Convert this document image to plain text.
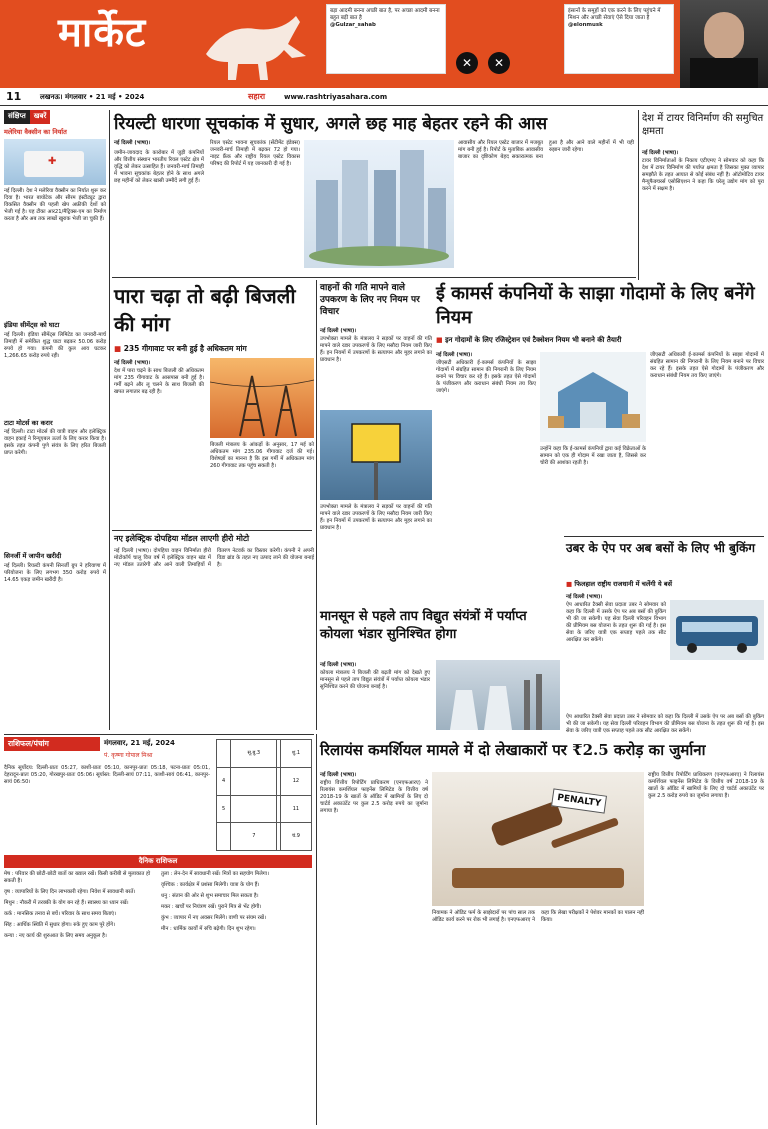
मार्केट	बड़ा आदमी बनना अच्छी बात है, पर अच्छा आदमी बनना बहुत बड़ी बात है
@Gulzar_sahab
✕
इंसानों के समूहों को एक करने के लिए पहुंचने में मिशन और अच्छी सेवाएं ऐसे दिया जाता है
@elonmusk
✕
11	लखनऊ। मंगलवार • 21 मई • 2024	सहारा	www.rashtriyasahara.com
संक्षिप्त	खबरें
मलेरिया वैक्सीन का निर्यात
✚
नई दिल्ली। देश ने मलेरिया वैक्सीन का निर्यात शुरू कर दिया है। भारत बायोटेक और सीरम इंस्टीट्यूट द्वारा विकसित वैक्सीन की पहली खेप अफ्रीकी देशों को भेजी गई है। यह टीका आर21/मैट्रिक्स-एम का निर्माण करता है और अब तक लाखों खुराक भेजी जा चुकी हैं।
इंडिया सीमेंट्स को घाटा
नई दिल्ली। इंडिया सीमेंट्स लिमिटेड का जनवरी-मार्च तिमाही में समेकित शुद्ध घाटा बढ़कर 50.06 करोड़ रुपये हो गया। कंपनी की कुल आय घटकर 1,266.65 करोड़ रुपये रही।
टाटा मोटर्स का करार
नई दिल्ली। टाटा मोटर्स की यात्री वाहन और इलेक्ट्रिक वाहन इकाई ने रिन्यूएबल ऊर्जा के लिए करार किया है। इसके तहत कंपनी पुणे संयंत्र के लिए हरित बिजली प्राप्त करेगी।
सिनर्जी में जापीन खरीदी
नई दिल्ली। रियल्टी कंपनी सिनर्जी ग्रुप ने हरियाणा में परियोजना के लिए लगभग 350 करोड़ रुपये में 14.65 एकड़ जमीन खरीदी है।
रियल्टी धारणा सूचकांक में सुधार, अगले छह माह बेहतर रहने की आस
नई दिल्ली (भाषा)।
जमीन-जायदाद के कारोबार में जुड़ी कंपनियों और वित्तीय संस्थान भारतीय रियल एस्टेट क्षेत्र में वृद्धि को लेकर उत्साहित हैं। जनवरी-मार्च तिमाही में भावना सूचकांक बेहतर होने के साथ अगले छह महीनों को लेकर खासी उम्मीदें लगी हुई हैं।
रियल एस्टेट भावना सूचकांक (सेंटीमेंट इंडेक्स) जनवरी-मार्च तिमाही में बढ़कर 72 हो गया। नाइट फ्रैंक और राष्ट्रीय रियल एस्टेट विकास परिषद की रिपोर्ट में यह जानकारी दी गई है।
आवासीय और रियल एस्टेट बाजार में मजबूत मांग बनी हुई है। रिपोर्ट के मुताबिक आवासीय बाजार का दृष्टिकोण बेहद सकारात्मक बना हुआ है और आने वाले महीनों में भी यही रुझान जारी रहेगा।
देश में टायर विनिर्माण की समुचित क्षमता
नई दिल्ली (भाषा)।
टायर विनिर्माताओं के निकाय एटीएमए ने सोमवार को कहा कि देश में टायर विनिर्माण की पर्याप्त क्षमता है जिसका मुक्त व्यापार समझौते के तहत आयात से कोई संबंध नहीं है। ऑटोमोटिव टायर मैन्युफैक्चरर्स एसोसिएशन ने कहा कि घरेलू उद्योग मांग को पूरा करने में सक्षम है।
पारा चढ़ा तो बढ़ी बिजली की मांग
■ 235 गीगावाट पर बनी हुई है अधिकतम मांग
नई दिल्ली (भाषा)।
देश में पारा चढ़ने के साथ बिजली की अधिकतम मांग 235 गीगावाट के आसपास बनी हुई है। गर्मी बढ़ने और लू चलने के साथ बिजली की खपत लगातार बढ़ रही है।
बिजली मंत्रालय के आंकड़ों के अनुसार, 17 मई को अधिकतम मांग 235.06 गीगावाट दर्ज की गई। विशेषज्ञों का मानना है कि इस गर्मी में अधिकतम मांग 260 गीगावाट तक पहुंच सकती है।
नए इलेक्ट्रिक दोपहिया मॉडल लाएगी हीरो मोटो
नई दिल्ली (भाषा)। दोपहिया वाहन विनिर्माता हीरो मोटोकॉर्प चालू वित्त वर्ष में इलेक्ट्रिक वाहन खंड में नए मॉडल उतारेगी और आने वाली तिमाहियों में वितरण नेटवर्क का विस्तार करेगी। कंपनी ने अपनी विडा ब्रांड के तहत नए उत्पाद लाने की योजना बनाई है।
वाहनों की गति मापने वाले उपकरण के लिए नए नियम पर विचार
नई दिल्ली (भाषा)।
उपभोक्ता मामले के मंत्रालय ने सड़कों पर वाहनों की गति मापने वाले रडार उपकरणों के लिए मसौदा नियम जारी किए हैं। इन नियमों में उपकरणों के सत्यापन और मुहर लगाने का प्रावधान है।
उपभोक्ता मामले के मंत्रालय ने सड़कों पर वाहनों की गति मापने वाले रडार उपकरणों के लिए मसौदा नियम जारी किए हैं। इन नियमों में उपकरणों के सत्यापन और मुहर लगाने का प्रावधान है।
ई कामर्स कंपनियों के साझा गोदामों के लिए बनेंगे नियम
■ इन गोदामों के लिए रजिस्ट्रेशन एवं टैक्सेशन नियम भी बनाने की तैयारी
नई दिल्ली (भाषा)।
जीएसटी अधिकारी ई-कामर्स कंपनियों के साझा गोदामों में संग्रहित सामान की निगरानी के लिए नियम बनाने पर विचार कर रहे हैं। इसके तहत ऐसे गोदामों के पंजीकरण और कराधान संबंधी नियम तय किए जाएंगे।
उन्होंने कहा कि ई-कामर्स कंपनियों द्वारा कई विक्रेताओं के सामान को एक ही गोदाम में रखा जाता है, जिससे कर चोरी की आशंका रहती है।
जीएसटी अधिकारी ई-कामर्स कंपनियों के साझा गोदामों में संग्रहित सामान की निगरानी के लिए नियम बनाने पर विचार कर रहे हैं। इसके तहत ऐसे गोदामों के पंजीकरण और कराधान संबंधी नियम तय किए जाएंगे।
उबर के ऐप पर अब बसों के लिए भी बुकिंग
■ फिलहाल राष्ट्रीय राजधानी में चलेंगी ये बसें
नई दिल्ली (भाषा)।
ऐप आधारित टैक्सी सेवा प्रदाता उबर ने सोमवार को कहा कि दिल्ली में उसके ऐप पर अब बसों की बुकिंग भी की जा सकेगी। यह सेवा दिल्ली परिवहन विभाग की प्रीमियम बस योजना के तहत शुरू की गई है। इस सेवा के जरिए यात्री एक सप्ताह पहले तक सीट आरक्षित कर सकेंगे।
ऐप आधारित टैक्सी सेवा प्रदाता उबर ने सोमवार को कहा कि दिल्ली में उसके ऐप पर अब बसों की बुकिंग भी की जा सकेगी। यह सेवा दिल्ली परिवहन विभाग की प्रीमियम बस योजना के तहत शुरू की गई है। इस सेवा के जरिए यात्री एक सप्ताह पहले तक सीट आरक्षित कर सकेंगे।
मानसून से पहले ताप विद्युत संयंत्रों में पर्याप्त कोयला भंडार सुनिश्चित होगा
नई दिल्ली (भाषा)।
कोयला मंत्रालय ने बिजली की बढ़ती मांग को देखते हुए मानसून से पहले ताप विद्युत संयंत्रों में पर्याप्त कोयला भंडार सुनिश्चित करने की योजना बनाई है।
राशिफल/पंचांग	मंगलवार, 21 मई, 2024
पं. कृष्णा गोपाल मिश्रा
दैनिक सूर्योदय: दिल्ली-प्रातः 05:27, काशी-प्रातः 05:10, कानपुर-प्रातः 05:18, पटना-प्रातः 05:01, देहरादून-प्रातः 05:20, गोरखपुर-प्रातः 05:06। सूर्यास्त: दिल्ली-सायं 07:11, काशी-सायं 06:41, कानपुर-सायं 06:50।
	सू.बु.3		शु.1
4			12
5			11
	7		चं.9
दैनिक राशिफल
मेष : परिवार की छोटी-छोटी बातों का ख्याल रखें। किसी करीबी से मुलाकात हो सकती है।
वृष : व्यापारियों के लिए दिन लाभकारी रहेगा। निवेश में सावधानी बरतें।
मिथुन : नौकरी में तरक्की के योग बन रहे हैं। स्वास्थ्य का ध्यान रखें।
कर्क : मानसिक तनाव से बचें। परिवार के साथ समय बिताएं।
सिंह : आर्थिक स्थिति में सुधार होगा। रुके हुए काम पूरे होंगे।
कन्या : नए कार्य की शुरुआत के लिए समय अनुकूल है।
तुला : लेन-देन में सावधानी रखें। मित्रों का सहयोग मिलेगा।
वृश्चिक : कार्यक्षेत्र में प्रशंसा मिलेगी। यात्रा के योग हैं।
धनु : संतान की ओर से शुभ समाचार मिल सकता है।
मकर : खर्चों पर नियंत्रण रखें। पुराने मित्र से भेंट होगी।
कुंभ : व्यापार में नए अवसर मिलेंगे। वाणी पर संयम रखें।
मीन : धार्मिक कार्यों में रुचि बढ़ेगी। दिन शुभ रहेगा।
रिलायंस कमर्शियल मामले में दो लेखाकारों पर ₹2.5 करोड़ का जुर्माना
नई दिल्ली (भाषा)।
राष्ट्रीय वित्तीय रिपोर्टिंग प्राधिकरण (एनएफआरए) ने रिलायंस कमर्शियल फाइनेंस लिमिटेड के वित्तीय वर्ष 2018-19 के खातों के ऑडिट में खामियों के लिए दो चार्टर्ड अकाउंटेंट पर कुल 2.5 करोड़ रुपये का जुर्माना लगाया है।
PENALTY
नियामक ने ऑडिट फर्म के साझेदारों पर पांच साल तक ऑडिट कार्य करने पर रोक भी लगाई है। एनएफआरए ने कहा कि लेखा परीक्षकों ने पेशेवर मानकों का पालन नहीं किया।
राष्ट्रीय वित्तीय रिपोर्टिंग प्राधिकरण (एनएफआरए) ने रिलायंस कमर्शियल फाइनेंस लिमिटेड के वित्तीय वर्ष 2018-19 के खातों के ऑडिट में खामियों के लिए दो चार्टर्ड अकाउंटेंट पर कुल 2.5 करोड़ रुपये का जुर्माना लगाया है।
